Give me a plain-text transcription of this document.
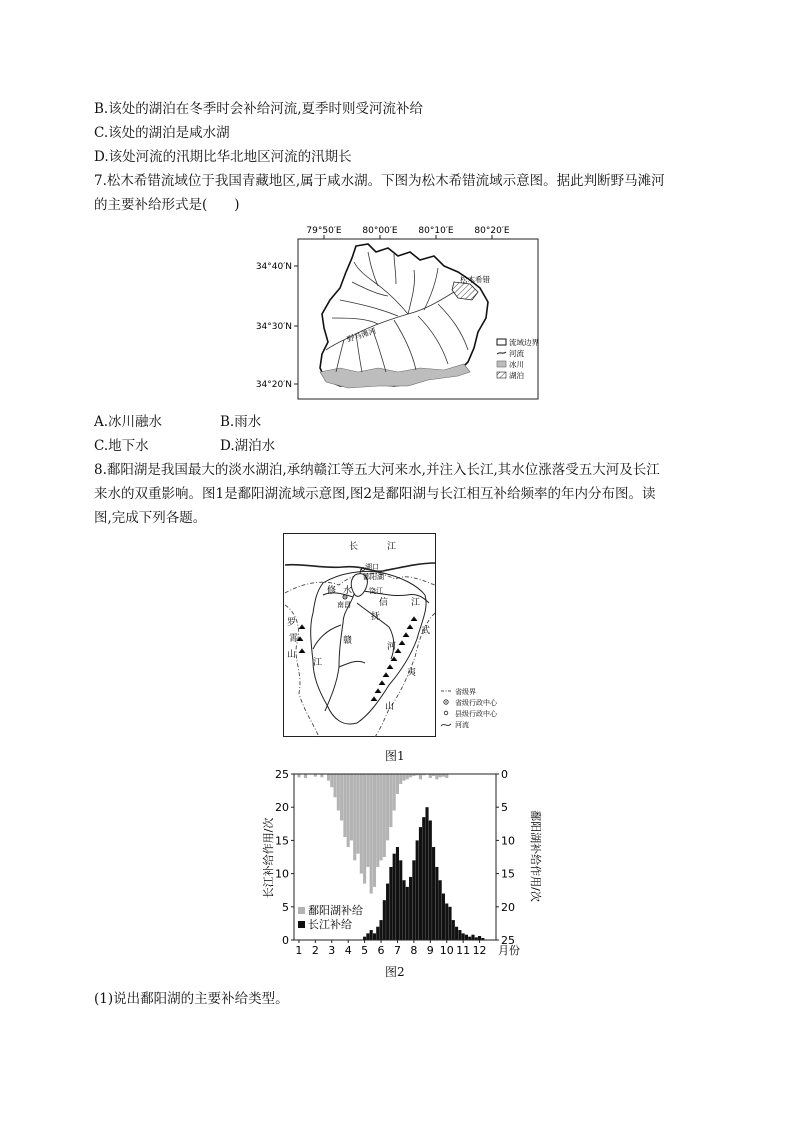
B.该处的湖泊在冬季时会补给河流,夏季时则受河流补给
C.该处的湖泊是咸水湖
D.该处河流的汛期比华北地区河流的汛期长
7.松木希错流域位于我国青藏地区,属于咸水湖。下图为松木希错流域示意图。据此判断野马滩河
的主要补给形式是(　　)
79°50′E 80°00′E 80°10′E 80°20′E
34°40′N
34°30′N
34°20′N
松木希错
野马滩河	流域边界
河流
冰川
湖泊
A.冰川融水	B.雨水
C.地下水	D.湖泊水
8.鄱阳湖是我国最大的淡水湖泊,承纳赣江等五大河来水,并注入长江,其水位涨落受五大河及长江
来水的双重影响。图1是鄱阳湖流域示意图,图2是鄱阳湖与长江相互补给频率的年内分布图。读
图,完成下列各题。
长	江
湖口
鄱阳湖
饶江
修 水
南昌	信	江
抚
赣
罗
霄
江
山
河
武
夷
山
省级界
省级行政中心
县级行政中心
河流
图1
0
5
10
15
20
25	0
5
10
15
20
25
1 2 3 4 5 6 7 8 9 10 11 12
长江补给作用/次	鄱阳湖补给作用/次
月份
鄱阳湖补给
长江补给
图2
(1)说出鄱阳湖的主要补给类型。
